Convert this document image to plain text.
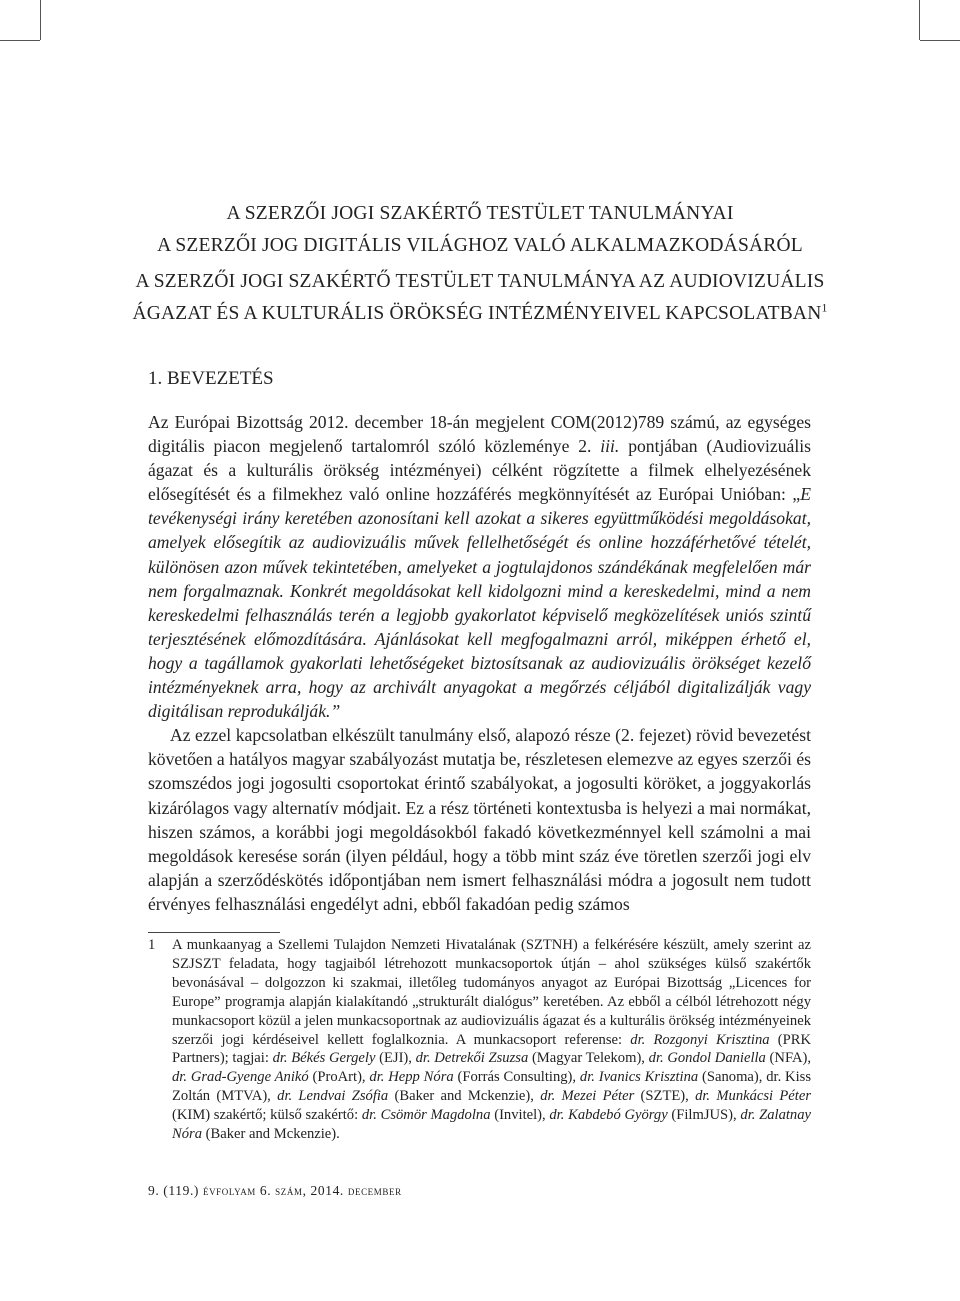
A SZERZŐI JOGI SZAKÉRTŐ TESTÜLET TANULMÁNYAI
A SZERZŐI JOG DIGITÁLIS VILÁGHOZ VALÓ ALKALMAZKODÁSÁRÓL
A SZERZŐI JOGI SZAKÉRTŐ TESTÜLET TANULMÁNYA AZ AUDIOVIZUÁLIS
ÁGAZAT ÉS A KULTURÁLIS ÖRÖKSÉG INTÉZMÉNYEIVEL KAPCSOLATBAN$^1$
1. BEVEZETÉS

Az Európai Bizottság 2012. december 18-án megjelent COM(2012)789 számú, az egységes digitális piacon megjelenő tartalomról szóló közleménye 2. iii. pontjában (Audiovizuális ágazat és a kulturális örökség intézményei) célként rögzítette a filmek elhelyezésének elősegítését és a filmekhez való online hozzáférés megkönnyítését az Európai Unióban: „E tevékenységi irány keretében azonosítani kell azokat a sikeres együttműködési megoldásokat, amelyek elősegítik az audiovizuális művek fellelhetőségét és online hozzáférhetővé tételét, különösen azon művek tekintetében, amelyeket a jogtulajdonos szándékának megfelelően már nem forgalmaznak. Konkrét megoldásokat kell kidolgozni mind a kereskedelmi, mind a nem kereskedelmi felhasználás terén a legjobb gyakorlatot képviselő megközelítések uniós szintű terjesztésének előmozdítására. Ajánlásokat kell megfogalmazni arról, miképpen érhető el, hogy a tagállamok gyakorlati lehetőségeket biztosítsanak az audiovizuális örökséget kezelő intézményeknek arra, hogy az archivált anyagokat a megőrzés céljából digitalizálják vagy digitálisan reprodukálják.”

Az ezzel kapcsolatban elkészült tanulmány első, alapozó része (2. fejezet) rövid bevezetést követően a hatályos magyar szabályozást mutatja be, részletesen elemezve az egyes szerzői és szomszédos jogi jogosulti csoportokat érintő szabályokat, a jogosulti köröket, a joggyakorlás kizárólagos vagy alternatív módjait. Ez a rész történeti kontextusba is helyezi a mai normákat, hiszen számos, a korábbi jogi megoldásokból fakadó következménnyel kell számolni a mai megoldások keresése során (ilyen például, hogy a több mint száz éve töretlen szerzői jogi elv alapján a szerződéskötés időpontjában nem ismert felhasználási módra a jogosult nem tudott érvényes felhasználási engedélyt adni, ebből fakadóan pedig számos

1 A munkaanyag a Szellemi Tulajdon Nemzeti Hivatalának (SZTNH) a felkérésére készült, amely szerint az SZJSZT feladata, hogy tagjaiból létrehozott munkacsoportok útján – ahol szükséges külső szakértők bevonásával – dolgozzon ki szakmai, illetőleg tudományos anyagot az Európai Bizottság „Licences for Europe” programja alapján kialakítandó „strukturált dialógus” keretében. Az ebből a célból létrehozott négy munkacsoport közül a jelen munkacsoportnak az audiovizuális ágazat és a kulturális örökség intézményeinek szerzői jogi kérdéseivel kellett foglalkoznia. A munkacsoport referense: dr. Rozgonyi Krisztina (PRK Partners); tagjai: dr. Békés Gergely (EJI), dr. Detrekői Zsuzsa (Magyar Telekom), dr. Gondol Daniella (NFA), dr. Grad-Gyenge Anikó (ProArt), dr. Hepp Nóra (Forrás Consulting), dr. Ivanics Krisztina (Sanoma), dr. Kiss Zoltán (MTVA), dr. Lendvai Zsófia (Baker and Mckenzie), dr. Mezei Péter (SZTE), dr. Munkácsi Péter (KIM) szakértő; külső szakértő: dr. Csömör Magdolna (Invitel), dr. Kabdebó György (FilmJUS), dr. Zalatnay Nóra (Baker and Mckenzie).
9. (119.) évfolyam 6. szám, 2014. december
